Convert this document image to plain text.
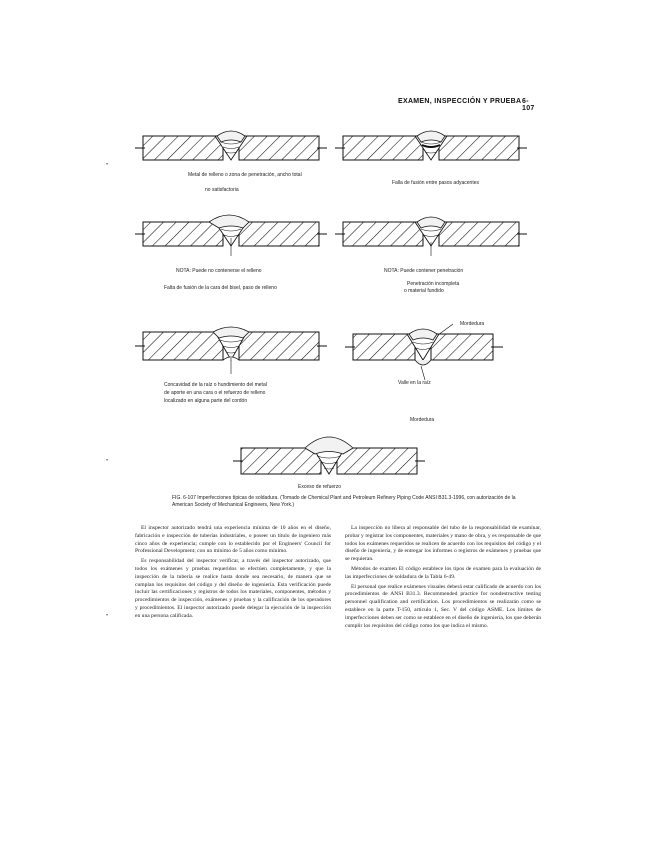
EXAMEN, INSPECCIÓN Y PRUEBA 6-107
•
•
•
Metal de relleno o zona de penetración, ancho total
no satisfactoria
Falla de fusión entre pasos adyacentes
NOTA: Puede no contenerse el relleno
Falta de fusión de la cara del bisel, paso de relleno
NOTA: Puede contener penetración
Penetración incompleta
o material fundido
Concavidad de la raíz o hundimiento del metal
de aporte en una cara o el refuerzo de relleno
localizado en alguna parte del cordón
Mordedura
Valle en la raíz
Mordedura
Exceso de refuerzo
FIG. 6-107 Imperfecciones típicas de soldadura. (Tomado de Chemical Plant and Petroleum Refinery Piping Code ANSI B31.3-1996, con autorización de la American Society of Mechanical Engineers, New York.)

El inspector autorizado tendrá una experiencia mínima de 10 años en el diseño, fabricación e inspección de tuberías industriales, o poseer un título de ingeniero más cinco años de experiencia; cumple con lo establecido por el Engineers' Council for Professional Development; con un mínimo de 5 años como mínimo.

Es responsabilidad del inspector verificar, a través del inspector autorizado, que todos los exámenes y pruebas requeridos se efectúen completamente, y que la inspección de la tubería se realice hasta donde sea necesario, de manera que se cumplan los requisitos del código y del diseño de ingeniería. Esta verificación puede incluir las certificaciones y registros de todos los materiales, componentes, métodos y procedimientos de inspección, exámenes y pruebas y la calificación de los operadores y procedimientos. El inspector autorizado puede delegar la ejecución de la inspección en una persona calificada.

La inspección no libera al responsable del tubo de la responsabilidad de examinar, probar y registrar los componentes, materiales y mano de obra, y es responsable de que todos los exámenes requeridos se realicen de acuerdo con los requisitos del código y el diseño de ingeniería, y de entregar los informes o registros de exámenes y pruebas que se requieran.

Métodos de examen El código establece los tipos de examen para la evaluación de las imperfecciones de soldadura de la Tabla 6-49.

El personal que realice exámenes visuales deberá estar calificado de acuerdo con los procedimientos de ANSI B31.3. Recommended practice for nondestructive testing personnel qualification and certification. Los procedimientos se realizarán como se establece en la parte T-150, artículo 1, Sec. V del código ASME. Los límites de imperfecciones deben ser como se establece en el diseño de ingeniería, los que deberán cumplir los requisitos del código como los que indica el mismo.
